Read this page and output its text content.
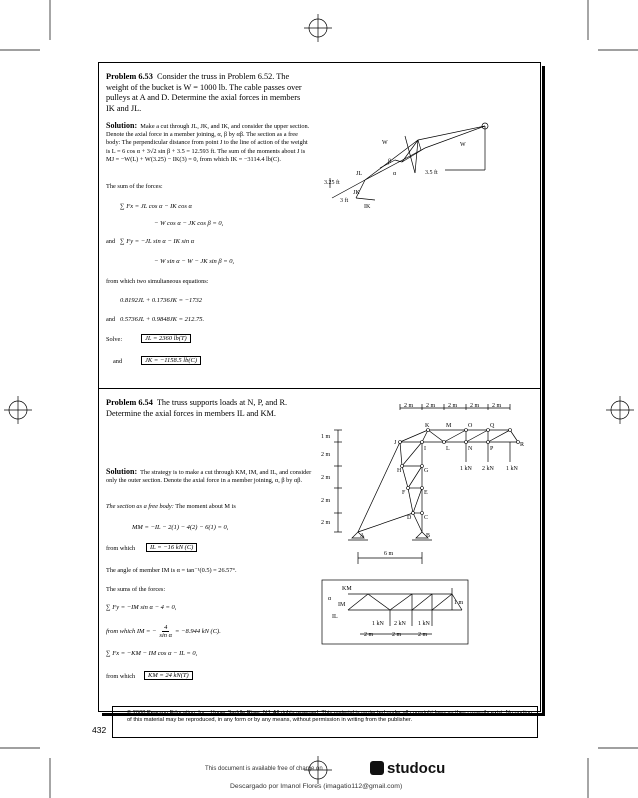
Problem 6.53 Consider the truss in Problem 6.52. The weight of the bucket is W = 1000 lb. The cable passes over pulleys at A and D. Determine the axial forces in members IK and JL.
Solution: Make a cut through JL, JK, and IK, and consider the upper section. Denote the axial force in a member joining, α, β by αβ. The section as a free body: The perpendicular distance from point J to the line of action of the weight is L = 6 cos α + 3√2 sin β + 3.5 = 12.593 ft. The sum of the moments about J is MJ = −W(L) + W(3.25) − IK(3) = 0, from which IK = −3114.4 lb(C).
The sum of the forces:
∑ Fx = JL cos α − IK cos α
− W cos α − JK cos β = 0,
and ∑ Fy = −JL sin α − IK sin α
− W sin α − W − JK sin β = 0,
from which two simultaneous equations:
0.8192JL + 0.1736JK = −1732
and 0.5736JL + 0.9848JK = 212.75.
Solve:	JL = 2360 lb(T)
and	JK = −1158.5 lb(C)
W	W
JL
β
α
3.25 ft
3.5 ft
3 ft
JK
IK
Problem 6.54 The truss supports loads at N, P, and R. Determine the axial forces in members IL and KM.
Solution: The strategy is to make a cut through KM, IM, and IL, and consider only the outer section. Denote the axial force in a member joining, α, β by αβ.
The section as a free body: The moment about M is
MM = −IL − 2(1) − 4(2) − 6(1) = 0,
from which	IL = −16 kN (C)
The angle of member IM is α = tan⁻¹(0.5) = 26.57°.
The sums of the forces:
∑ Fy = −IM sin α − 4 = 0,
from which IM = − $\frac{4}{\text{sin α}} = -8.944$ kN (C).
∑ Fx = −KM − IM cos α − IL = 0,
from which	KM = 24 kN(T)
2 m 2 m 2 m 2 m 2 m
K	M	O	Q
J
I	L	N	P
R
H	G
F	E
D C
A	B
1 m
2 m
2 m
2 m
2 m
1 kN 2 kN 1 kN
6 m
KM
α
IM
IL
1 m
1 kN 2 kN 1 kN
2 m	2 m	2 m
© 2008 Pearson Education, Inc., Upper Saddle River, NJ. All rights reserved. This material is protected under all copyright laws as they currently exist. No portion of this material may be reproduced, in any form or by any means, without permission in writing from the publisher.
432
This document is available free of charge on	studocu
Descargado por Imanol Flores (imagatio112@gmail.com)
